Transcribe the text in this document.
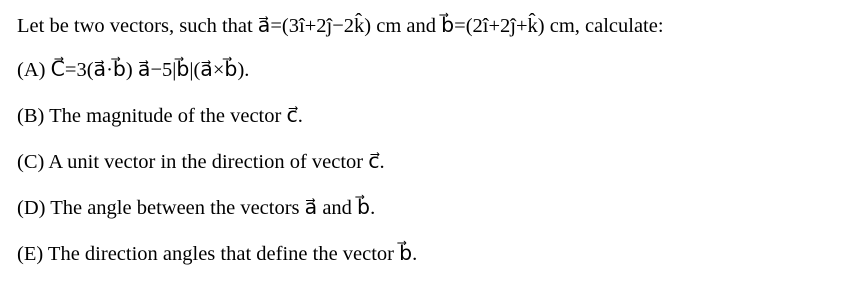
Let be two vectors, such that a⃗=(3î+2ĵ−2k̂) cm and b⃗=(2î+2ĵ+k̂) cm, calculate:
(A) C⃗=3(a⃗·b⃗) a⃗−5|b⃗|(a⃗×b⃗).
(B) The magnitude of the vector c⃗.
(C) A unit vector in the direction of vector c⃗.
(D) The angle between the vectors a⃗ and b⃗.
(E) The direction angles that define the vector b⃗.
